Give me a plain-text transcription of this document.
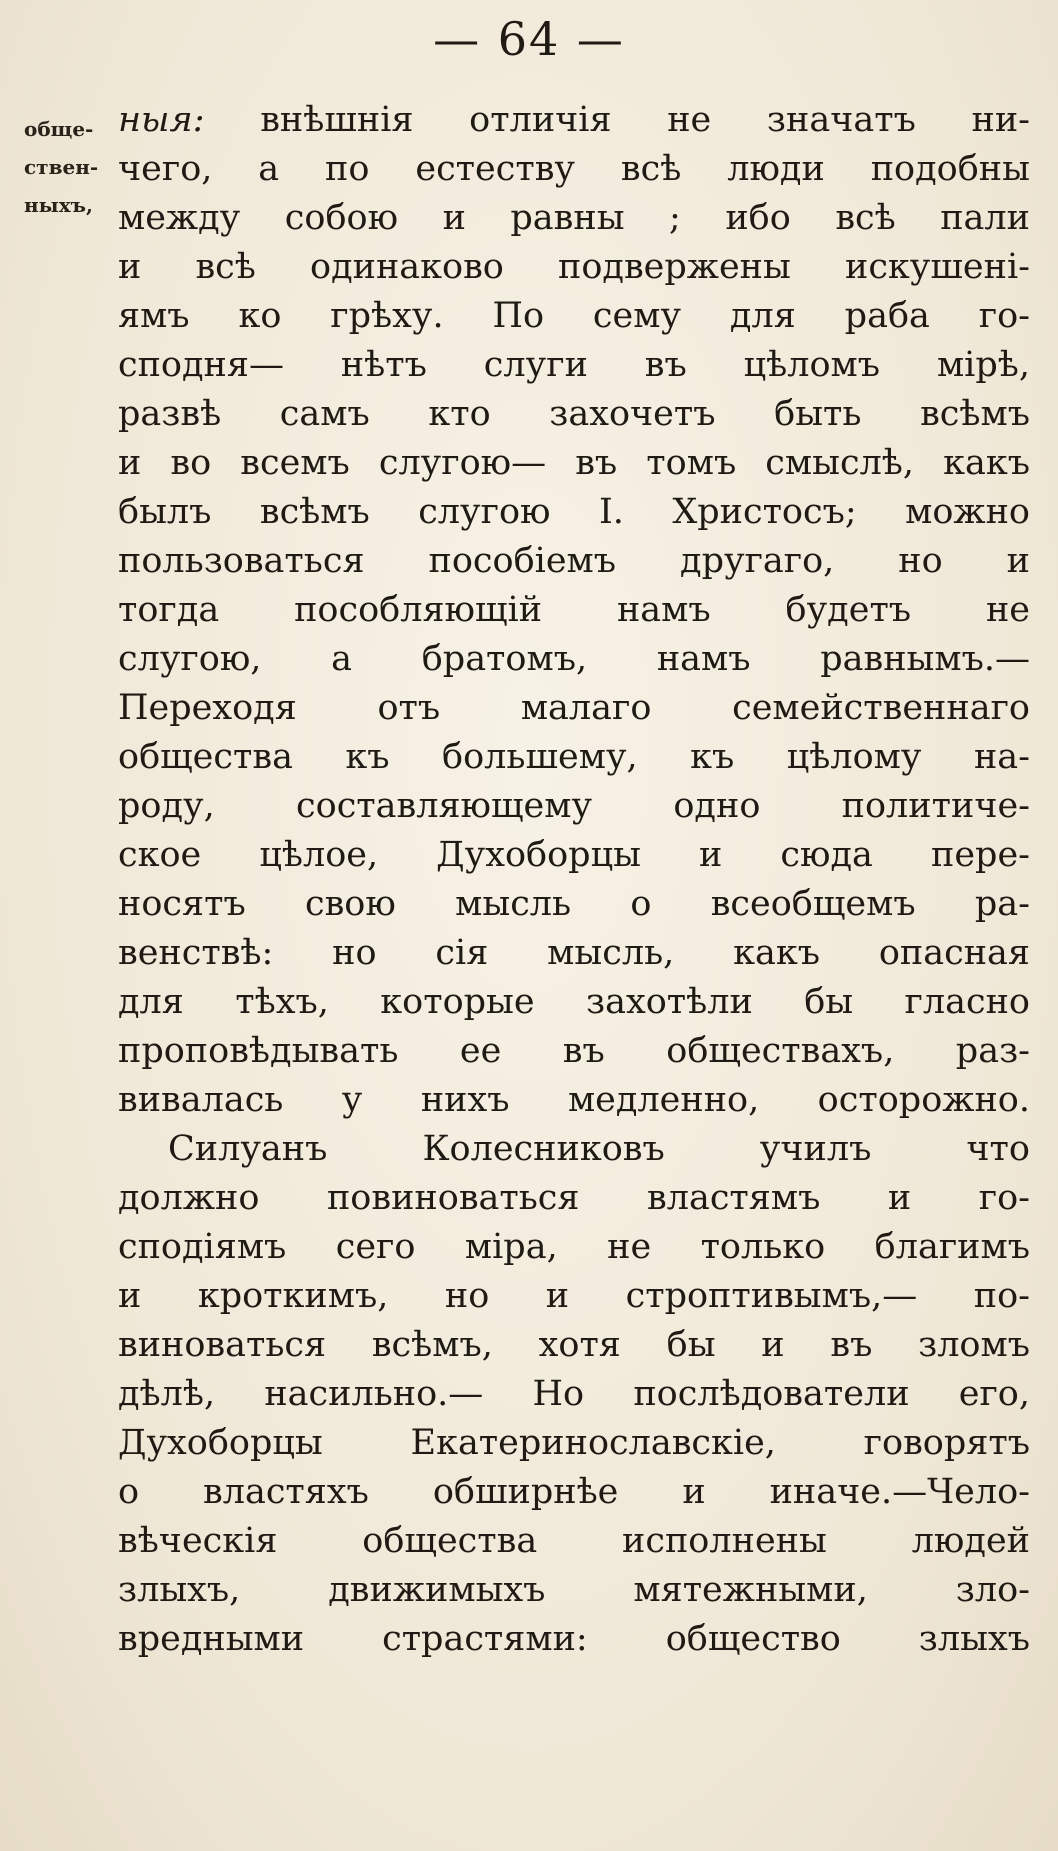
— 64 —
обще-
ствен-
ныхъ,
ныя: внѣшнія отличія не значатъ ни-
чего, а по естеству всѣ люди подобны
между собою и равны ; ибо всѣ пали
и всѣ одинаково подвержены искушені-
ямъ ко грѣху. По сему для раба го-
сподня— нѣтъ слуги въ цѣломъ мірѣ,
развѣ самъ кто захочетъ быть всѣмъ
и во всемъ слугою— въ томъ смыслѣ, какъ
былъ всѣмъ слугою І. Христосъ; можно
пользоваться пособіемъ другаго, но и
тогда пособляющій намъ будетъ не
слугою, а братомъ, намъ равнымъ.—
Переходя отъ малаго семейственнаго
общества къ большему, къ цѣлому на-
роду, составляющему одно политиче-
ское цѣлое, Духоборцы и сюда пере-
носятъ свою мысль о всеобщемъ ра-
венствѣ: но сія мысль, какъ опасная
для тѣхъ, которые захотѣли бы гласно
проповѣдывать ее въ обществахъ, раз-
вивалась у нихъ медленно, осторожно.
Силуанъ Колесниковъ училъ что
должно повиноваться властямъ и го-
сподіямъ сего міра, не только благимъ
и кроткимъ, но и строптивымъ,— по-
виноваться всѣмъ, хотя бы и въ зломъ
дѣлѣ, насильно.— Но послѣдователи его,
Духоборцы Екатеринославскіе, говорятъ
о властяхъ обширнѣе и иначе.—Чело-
вѣческія общества исполнены людей
злыхъ, движимыхъ мятежными, зло-
вредными страстями: общество злыхъ
